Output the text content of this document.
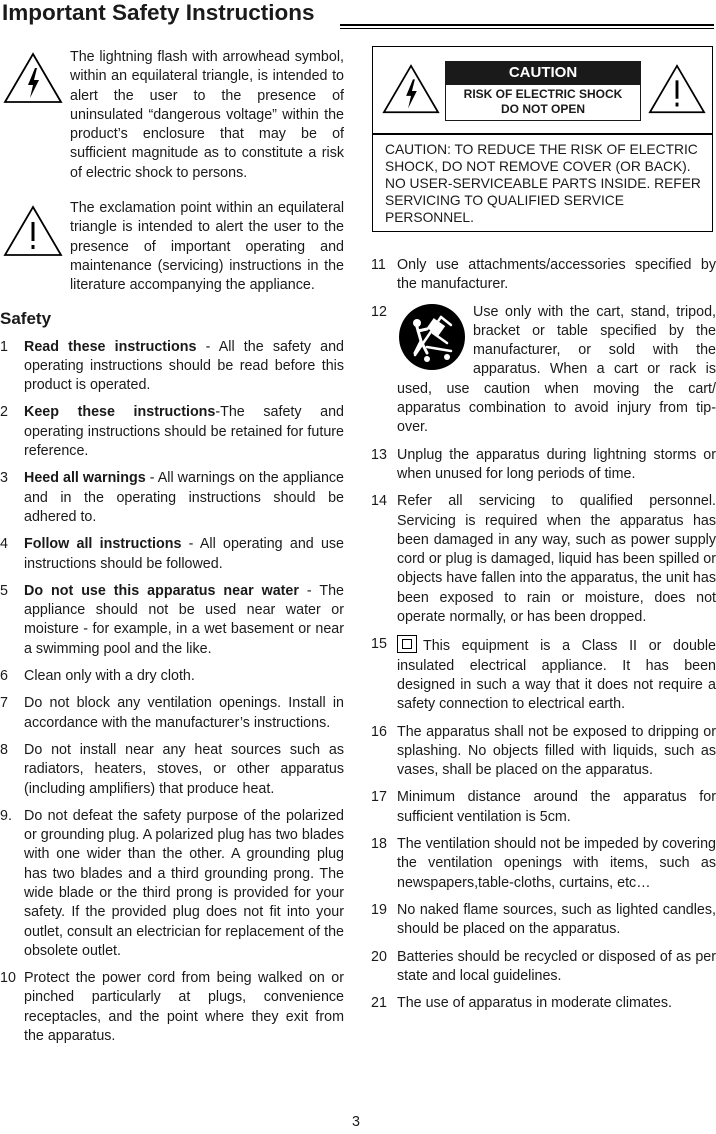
Important Safety Instructions

The lightning flash with arrowhead symbol, within an equilateral triangle, is intended to alert the user to the presence of uninsulated “dangerous voltage” within the product’s enclosure that may be of sufficient magnitude as to constitute a risk of electric shock to persons.

The exclamation point within an equilateral triangle is intended to alert the user to the presence of important operating and maintenance (servicing) instructions in the literature accompanying the appliance.

Safety
1	Read these instructions - All the safety and operating instructions should be read before this product is operated.
2	Keep these instructions-The safety and operating instructions should be retained for future reference.
3	Heed all warnings - All warnings on the appliance and in the operating instructions should be adhered to.
4	Follow all instructions - All operating and use instructions should be followed.
5	Do not use this apparatus near water - The appliance should not be used near water or moisture - for example, in a wet basement or near a swimming pool and the like.
6	Clean only with a dry cloth.
7	Do not block any ventilation openings. Install in accordance with the manufacturer’s instructions.
8	Do not install near any heat sources such as radiators, heaters, stoves, or other apparatus (including amplifiers) that produce heat.
9. Do not defeat the safety purpose of the polarized or grounding plug. A polarized plug has two blades with one wider than the other. A grounding plug has two blades and a third grounding prong. The wide blade or the third prong is provided for your safety. If the provided plug does not fit into your outlet, consult an electrician for replacement of the obsolete outlet.
10 Protect the power cord from being walked on or pinched particularly at plugs, convenience receptacles, and the point where they exit from the apparatus.
CAUTION
RISK OF ELECTRIC SHOCK
DO NOT OPEN
CAUTION: TO REDUCE THE RISK OF ELECTRIC SHOCK, DO NOT REMOVE COVER (OR BACK). NO USER-SERVICEABLE PARTS INSIDE. REFER SERVICING TO QUALIFIED SERVICE PERSONNEL.
11 Only use attachments/accessories specified by the manufacturer.
12	Use only with the cart, stand, tripod, bracket or table specified by the manufacturer, or sold with the apparatus. When a cart or rack is used, use caution when moving the cart/ apparatus combination to avoid injury from tip-over.
13 Unplug the apparatus during lightning storms or when unused for long periods of time.
14 Refer all servicing to qualified personnel. Servicing is required when the apparatus has been damaged in any way, such as power supply cord or plug is damaged, liquid has been spilled or objects have fallen into the apparatus, the unit has been exposed to rain or moisture, does not operate normally, or has been dropped.
15	This equipment is a Class II or double insulated electrical appliance. It has been designed in such a way that it does not require a safety connection to electrical earth.
16 The apparatus shall not be exposed to dripping or splashing. No objects filled with liquids, such as vases, shall be placed on the apparatus.
17 Minimum distance around the apparatus for sufficient ventilation is 5cm.
18 The ventilation should not be impeded by covering the ventilation openings with items, such as newspapers,table-cloths, curtains, etc…
19 No naked flame sources, such as lighted candles, should be placed on the apparatus.
20 Batteries should be recycled or disposed of as per state and local guidelines.
21 The use of apparatus in moderate climates.
3
